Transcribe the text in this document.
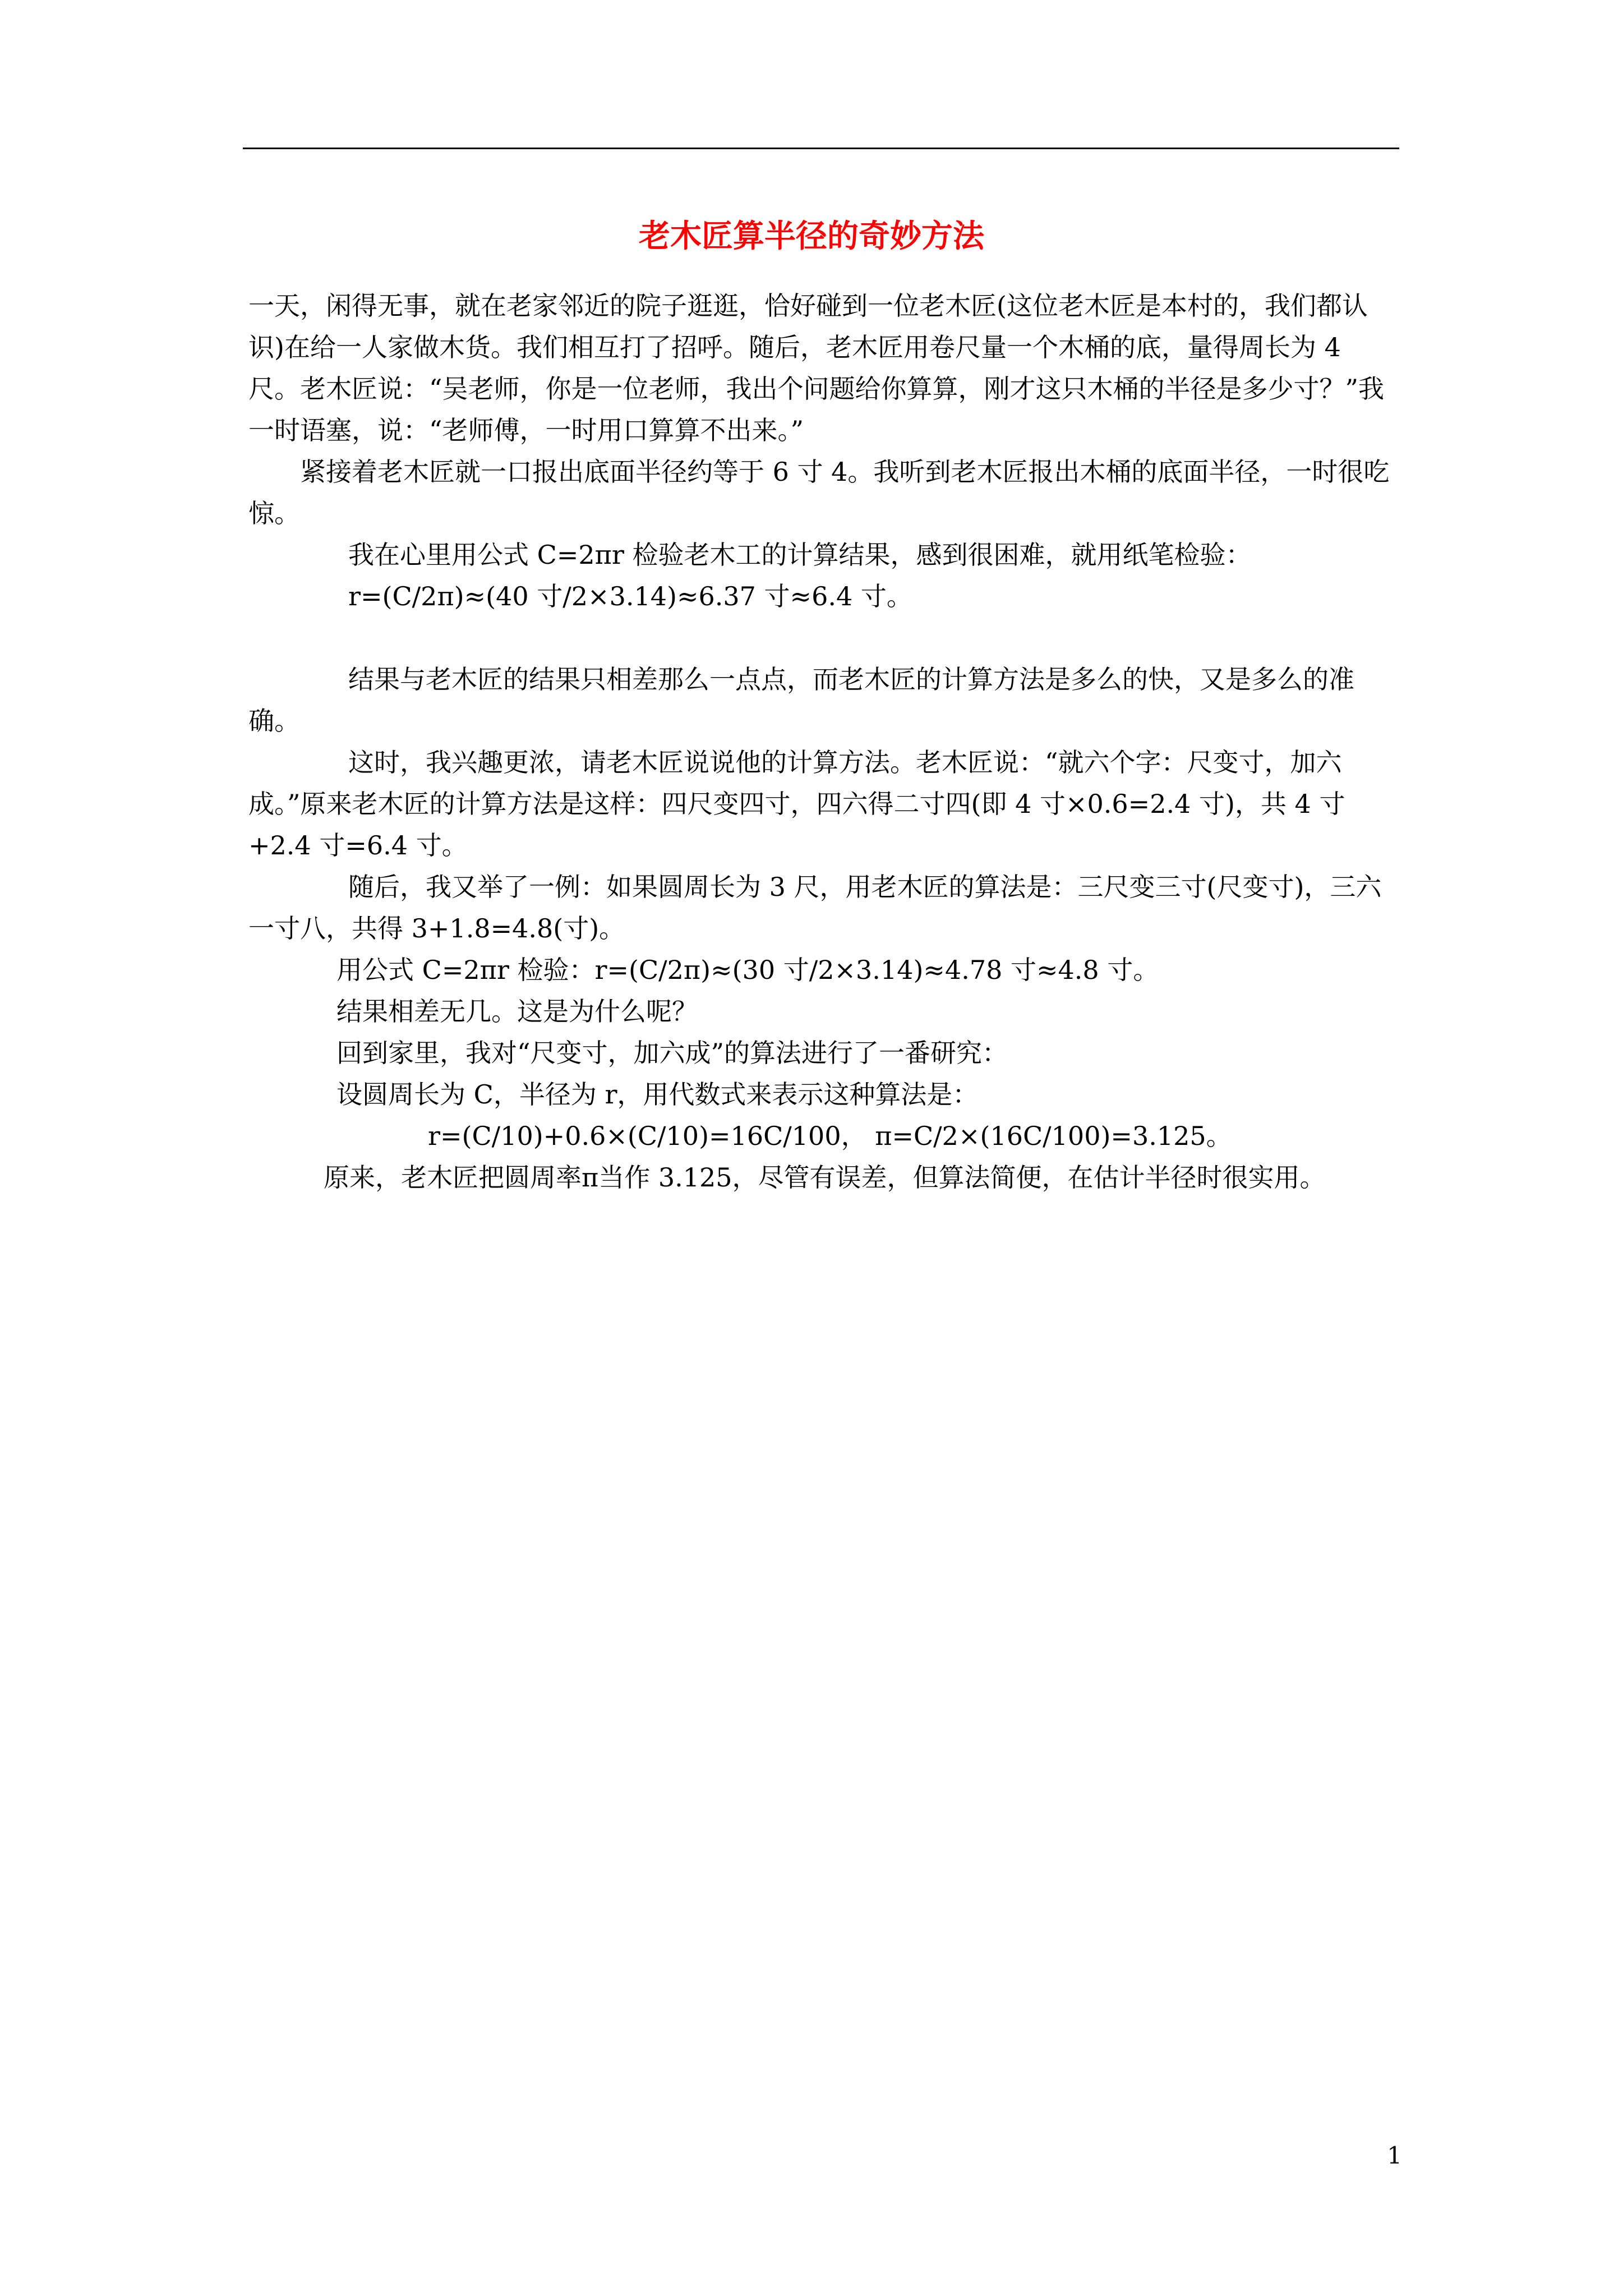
老木匠算半径的奇妙方法

一天，闲得无事，就在老家邻近的院子逛逛，恰好碰到一位老木匠(这位老木匠是本村的，我们都认识)在给一人家做木货。我们相互打了招呼。随后，老木匠用卷尺量一个木桶的底，量得周长为 4 尺。老木匠说：“吴老师，你是一位老师，我出个问题给你算算，刚才这只木桶的半径是多少寸？”我一时语塞，说：“老师傅，一时用口算算不出来。”

紧接着老木匠就一口报出底面半径约等于 6 寸 4。我听到老木匠报出木桶的底面半径，一时很吃惊。

我在心里用公式 C=2πr 检验老木工的计算结果，感到很困难，就用纸笔检验：

r=(C/2π)≈(40 寸/2×3.14)≈6.37 寸≈6.4 寸。

结果与老木匠的结果只相差那么一点点，而老木匠的计算方法是多么的快，又是多么的准确。

这时，我兴趣更浓，请老木匠说说他的计算方法。老木匠说：“就六个字：尺变寸，加六成。”原来老木匠的计算方法是这样：四尺变四寸，四六得二寸四(即 4 寸×0.6=2.4 寸)，共 4 寸+2.4 寸=6.4 寸。

随后，我又举了一例：如果圆周长为 3 尺，用老木匠的算法是：三尺变三寸(尺变寸)，三六一寸八，共得 3+1.8=4.8(寸)。

用公式 C=2πr 检验：r=(C/2π)≈(30 寸/2×3.14)≈4.78 寸≈4.8 寸。

结果相差无几。这是为什么呢？

回到家里，我对“尺变寸，加六成”的算法进行了一番研究：

设圆周长为 C，半径为 r，用代数式来表示这种算法是：

r=(C/10)+0.6×(C/10)=16C/100， π=C/2×(16C/100)=3.125。

原来，老木匠把圆周率π当作 3.125，尽管有误差，但算法简便，在估计半径时很实用。

1
